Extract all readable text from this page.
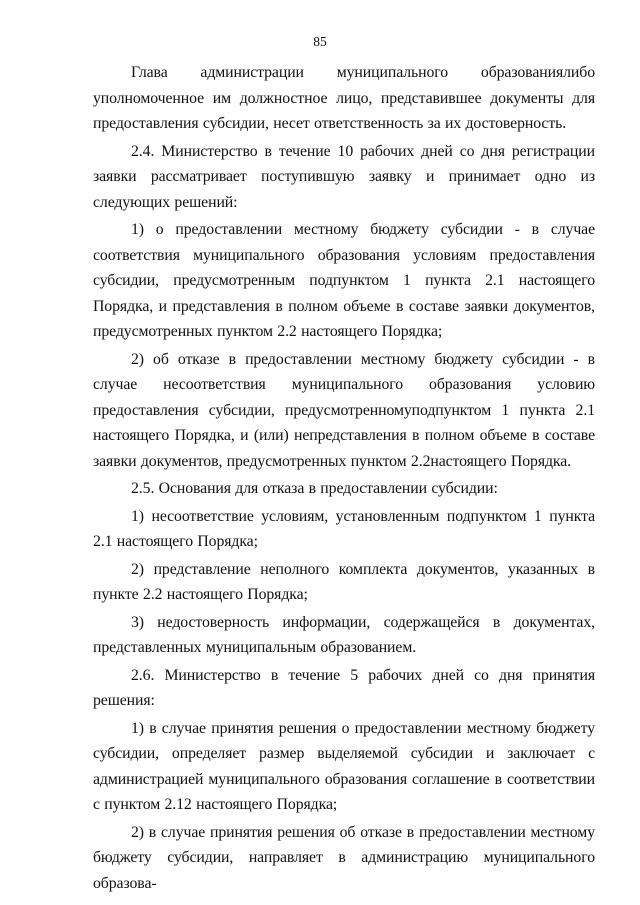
85

Глава администрации муниципального образованиялибо уполномоченное им должностное лицо, представившее документы для предоставления субсидии, несет ответственность за их достоверность.

2.4. Министерство в течение 10 рабочих дней со дня регистрации заявки рассматривает поступившую заявку и принимает одно из следующих решений:

1) о предоставлении местному бюджету субсидии - в случае соответствия муниципального образования условиям предоставления субсидии, предусмотренным подпунктом 1 пункта 2.1 настоящего Порядка, и представления в полном объеме в составе заявки документов, предусмотренных пунктом 2.2 настоящего Порядка;

2) об отказе в предоставлении местному бюджету субсидии - в случае несоответствия муниципального образования условию предоставления субсидии, предусмотренномуподпунктом 1 пункта 2.1 настоящего Порядка, и (или) непредставления в полном объеме в составе заявки документов, предусмотренных пунктом 2.2настоящего Порядка.

2.5. Основания для отказа в предоставлении субсидии:

1) несоответствие условиям, установленным подпунктом 1 пункта 2.1 настоящего Порядка;

2) представление неполного комплекта документов, указанных в пункте 2.2 настоящего Порядка;

3) недостоверность информации, содержащейся в документах, представленных муниципальным образованием.

2.6. Министерство в течение 5 рабочих дней со дня принятия решения:

1) в случае принятия решения о предоставлении местному бюджету субсидии, определяет размер выделяемой субсидии и заключает с администрацией муниципального образования соглашение в соответствии с пунктом 2.12 настоящего Порядка;

2) в случае принятия решения об отказе в предоставлении местному бюджету субсидии, направляет в администрацию муниципального образова-
